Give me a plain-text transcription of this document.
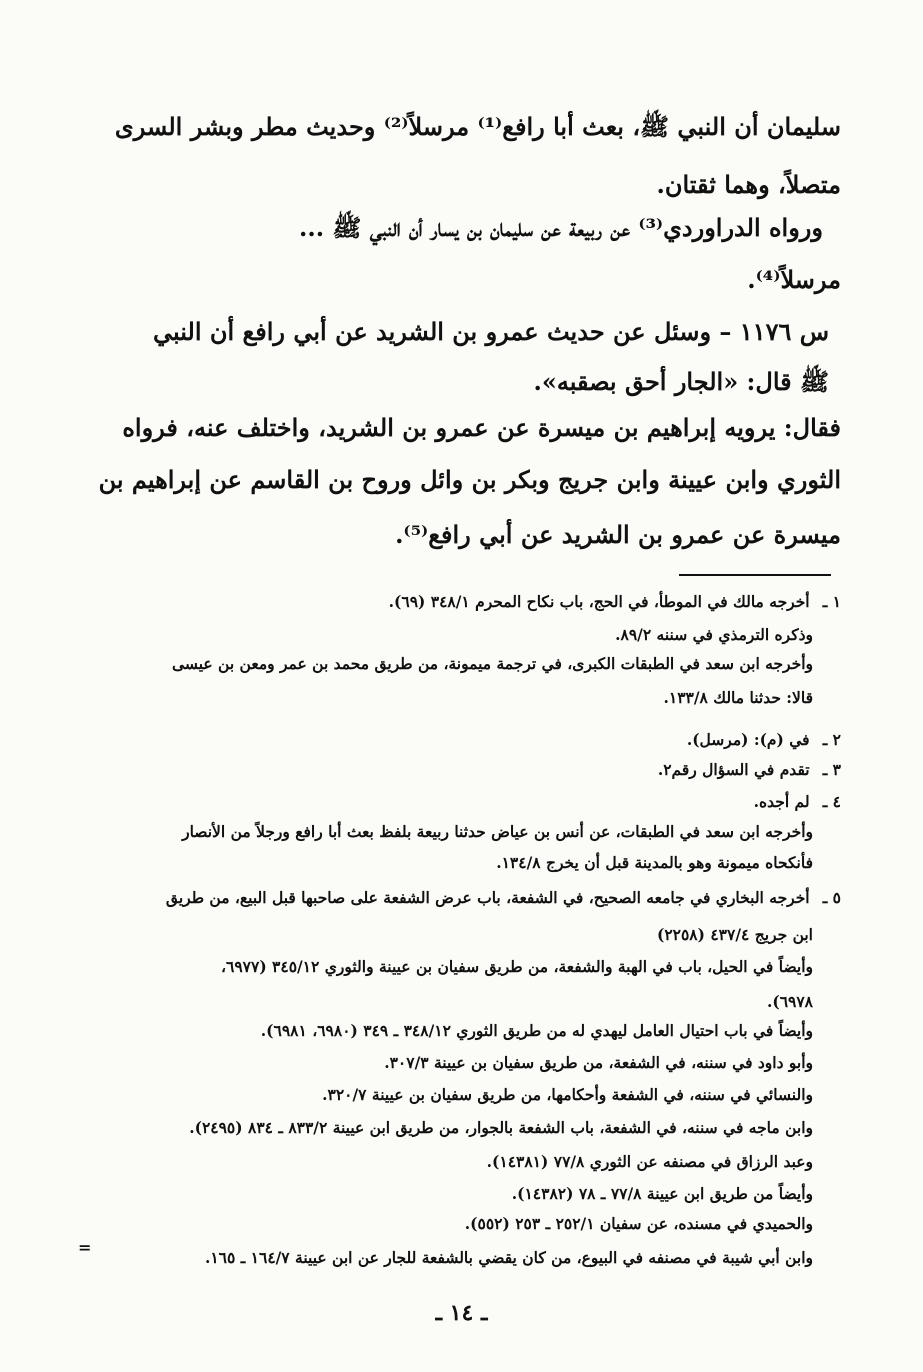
سليمان أن النبي ﷺ، بعث أبا رافع⁽¹⁾ مرسلاً⁽²⁾ وحديث مطر وبشر السرى
متصلاً، وهما ثقتان.
ورواه الدراوردي⁽³⁾ عن ربيعة عن سليمان بن يسار أن النبي ﷺ ...
مرسلاً⁽⁴⁾.
س ١١٧٦ – وسئل عن حديث عمرو بن الشريد عن أبي رافع أن النبي
ﷺ قال: «الجار أحق بصقبه».
فقال: يرويه إبراهيم بن ميسرة عن عمرو بن الشريد، واختلف عنه، فرواه
الثوري وابن عيينة وابن جريج وبكر بن وائل وروح بن القاسم عن إبراهيم بن
ميسرة عن عمرو بن الشريد عن أبي رافع⁽⁵⁾.
١ ـ أخرجه مالك في الموطأ، في الحج، باب نكاح المحرم ٣٤٨/١ (٦٩).
وذكره الترمذي في سننه ٨٩/٢.
وأخرجه ابن سعد في الطبقات الكبرى، في ترجمة ميمونة، من طريق محمد بن عمر ومعن بن عيسى
قالا: حدثنا مالك ١٣٣/٨.
٢ ـ في (م): (مرسل).
٣ ـ تقدم في السؤال رقم٢.
٤ ـ لم أجده.
وأخرجه ابن سعد في الطبقات، عن أنس بن عياض حدثنا ربيعة بلفظ بعث أبا رافع ورجلاً من الأنصار
فأنكحاه ميمونة وهو بالمدينة قبل أن يخرج ١٣٤/٨.
٥ ـ أخرجه البخاري في جامعه الصحيح، في الشفعة، باب عرض الشفعة على صاحبها قبل البيع، من طريق
ابن جريج ٤٣٧/٤ (٢٢٥٨)
وأيضاً في الحيل، باب في الهبة والشفعة، من طريق سفيان بن عيينة والثوري ٣٤٥/١٢ (٦٩٧٧،
٦٩٧٨).
وأيضاً في باب احتيال العامل ليهدي له من طريق الثوري ٣٤٨/١٢ ـ ٣٤٩ (٦٩٨٠، ٦٩٨١).
وأبو داود في سننه، في الشفعة، من طريق سفيان بن عيينة ٣٠٧/٣.
والنسائي في سننه، في الشفعة وأحكامها، من طريق سفيان بن عيينة ٣٢٠/٧.
وابن ماجه في سننه، في الشفعة، باب الشفعة بالجوار، من طريق ابن عيينة ٨٣٣/٢ ـ ٨٣٤ (٢٤٩٥).
وعبد الرزاق في مصنفه عن الثوري ٧٧/٨ (١٤٣٨١).
وأيضاً من طريق ابن عيينة ٧٧/٨ ـ ٧٨ (١٤٣٨٢).
والحميدي في مسنده، عن سفيان ٢٥٢/١ ـ ٢٥٣ (٥٥٢).
وابن أبي شيبة في مصنفه في البيوع، من كان يقضي بالشفعة للجار عن ابن عيينة ١٦٤/٧ ـ ١٦٥.
=
ـ ١٤ ـ
